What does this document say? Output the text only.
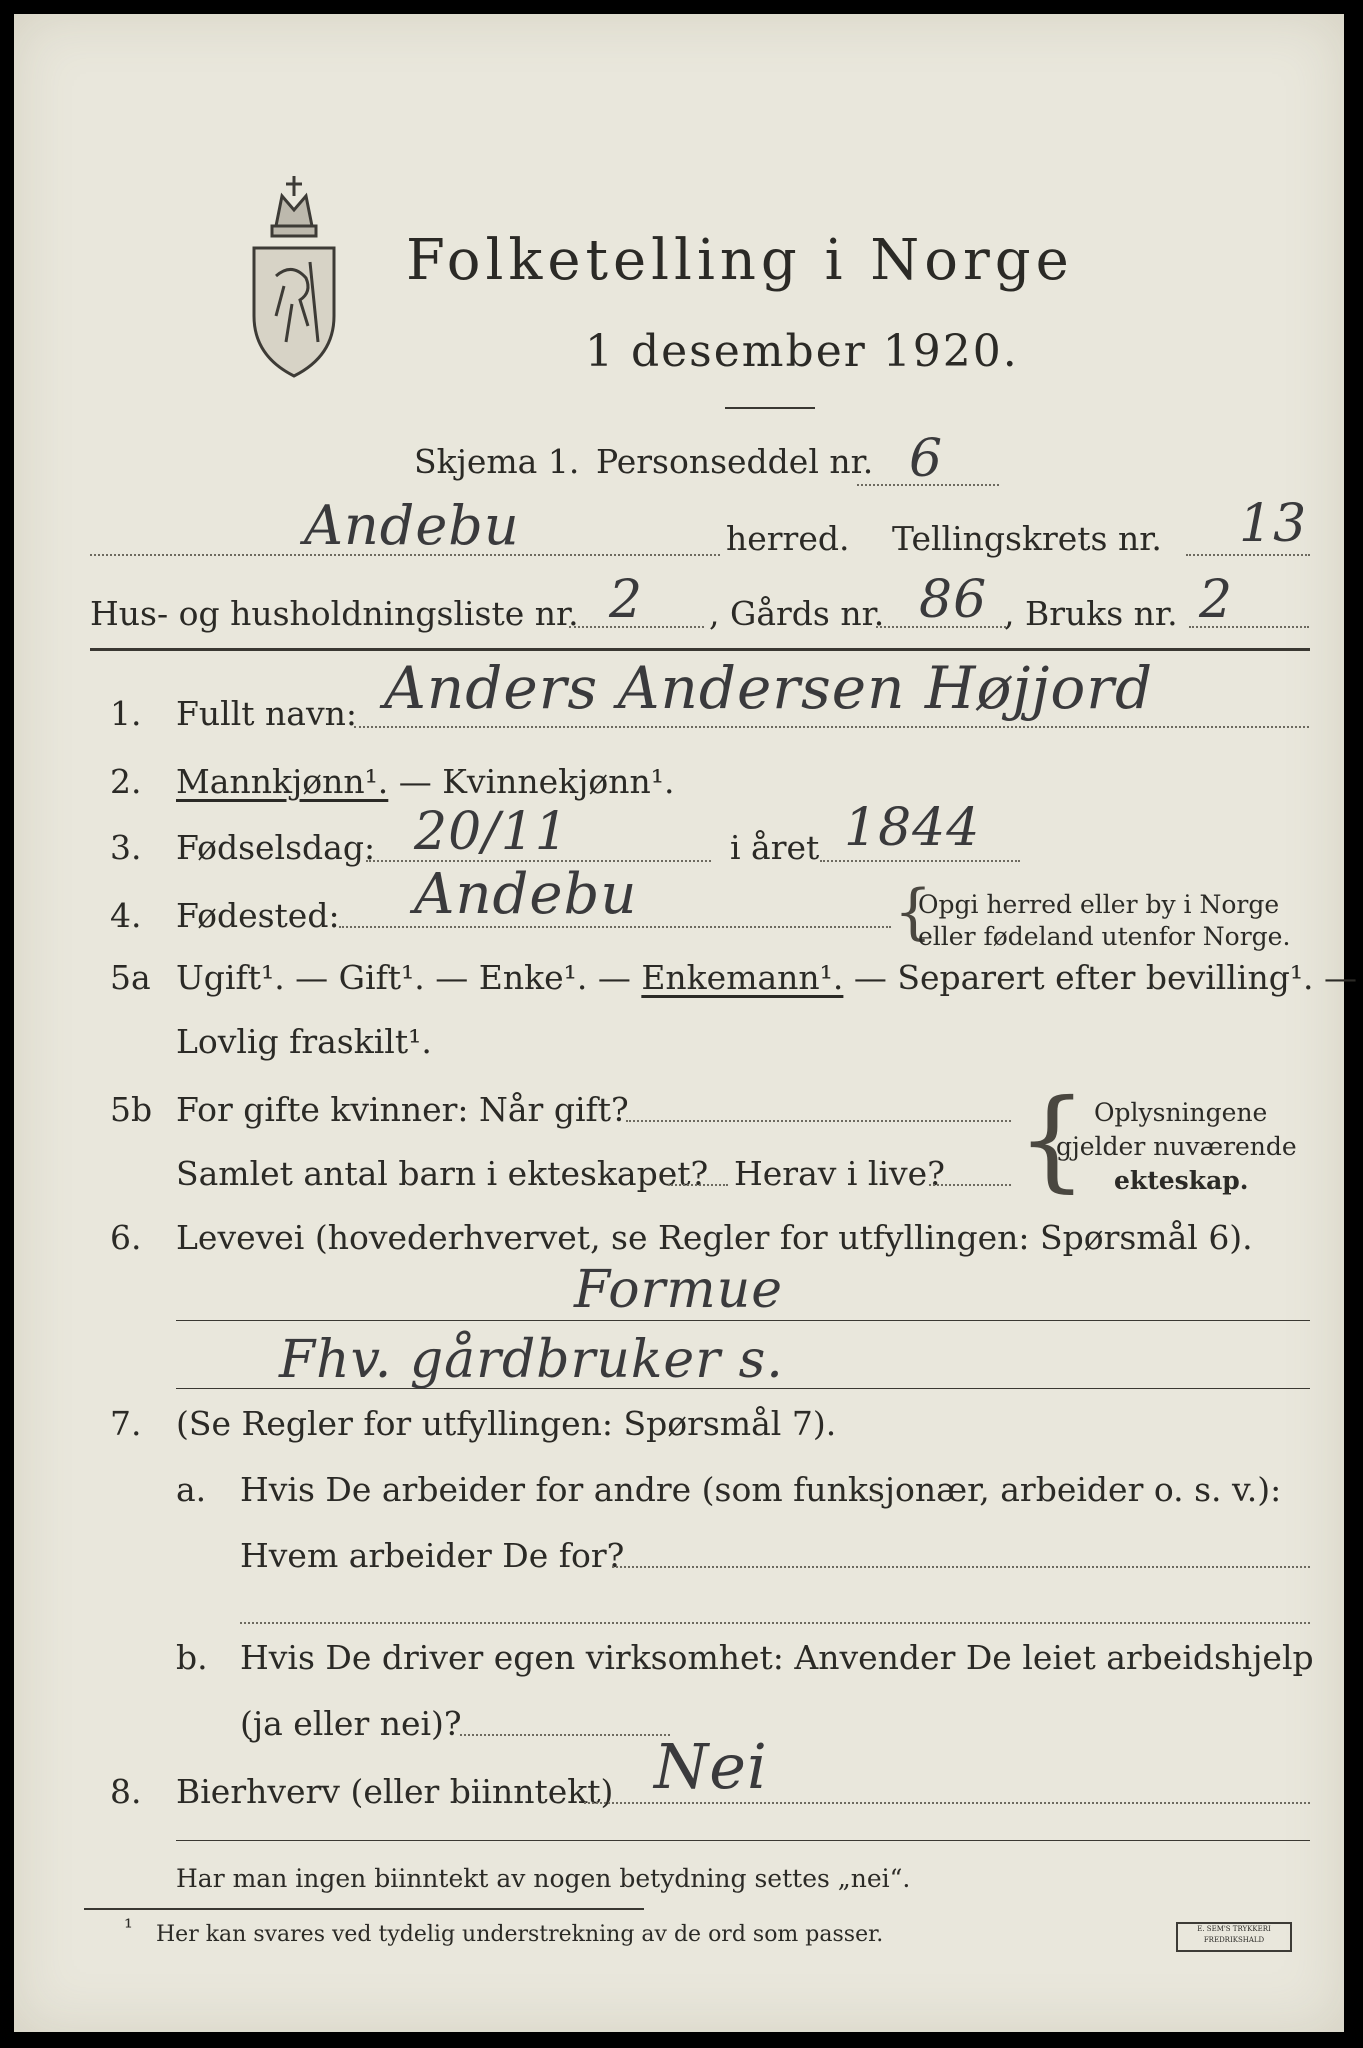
Folketelling i Norge
1 desember 1920.
Skjema 1. Personseddel nr. 6
Andebu	herred. Tellingskrets nr. 13
Hus- og husholdningsliste nr. 2 , Gårds nr. 86 , Bruks nr. 2
1. Fullt navn: Anders Andersen Højjord
2. Mannkjønn¹. — Kvinnekjønn¹.
3. Fødselsdag: 20/11	i året 1844
4. Fødested: Andebu	{
Opgi herred eller by i Norge
eller fødeland utenfor Norge.
5a Ugift¹. — Gift¹. — Enke¹. — Enkemann¹. — Separert efter bevilling¹. —
Lovlig fraskilt¹.
5b For gifte kvinner: Når gift?
Samlet antal barn i ekteskapet? Herav i live? { Oplysningene
gjelder nuværende
ekteskap.
6. Levevei (hovederhvervet, se Regler for utfyllingen: Spørsmål 6).
Formue
Fhv. gårdbruker s.
7. (Se Regler for utfyllingen: Spørsmål 7).
a. Hvis De arbeider for andre (som funksjonær, arbeider o. s. v.):
Hvem arbeider De for?
b. Hvis De driver egen virksomhet: Anvender De leiet arbeidshjelp
(ja eller nei)?
8. Bierhverv (eller biinntekt) Nei
Har man ingen biinntekt av nogen betydning settes „nei“.
¹ Her kan svares ved tydelig understrekning av de ord som passer.	E. SEM'S TRYKKERI
FREDRIKSHALD
